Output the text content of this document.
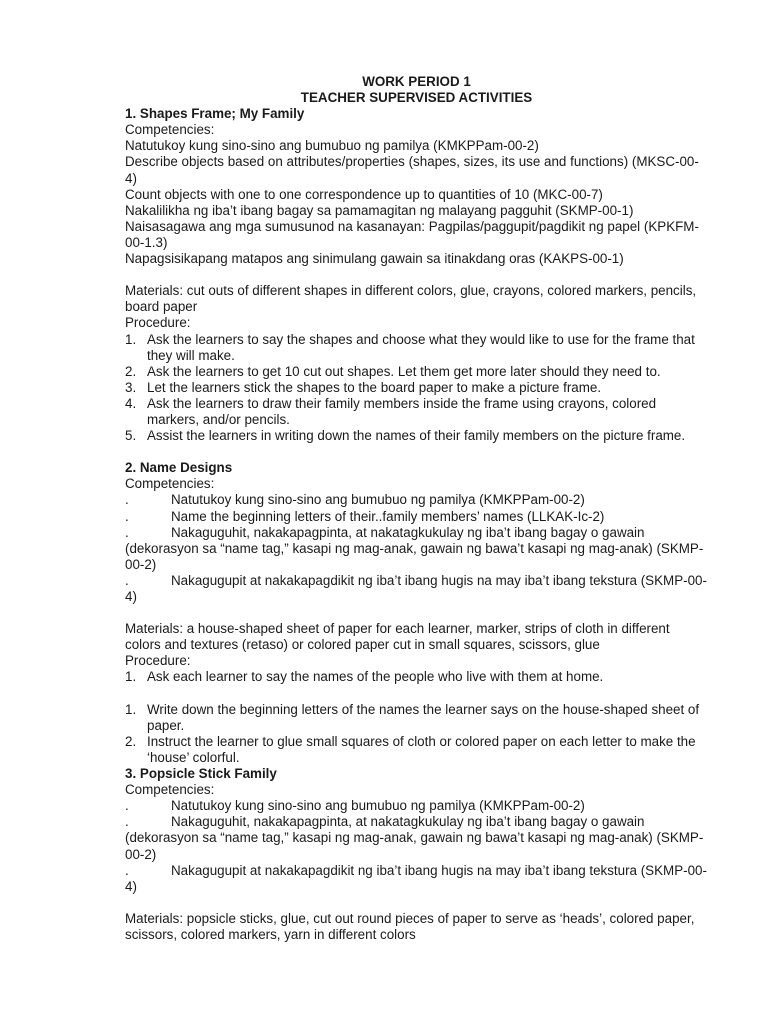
WORK PERIOD 1
TEACHER SUPERVISED ACTIVITIES
1. Shapes Frame; My Family
Competencies:
Natutukoy kung sino-sino ang bumubuo ng pamilya (KMKPPam-00-2)
Describe objects based on attributes/properties (shapes, sizes, its use and functions) (MKSC-00-4)
Count objects with one to one correspondence up to quantities of 10 (MKC-00-7)
Nakalilikha ng iba’t ibang bagay sa pamamagitan ng malayang pagguhit (SKMP-00-1)
Naisasagawa ang mga sumusunod na kasanayan: Pagpilas/paggupit/pagdikit ng papel (KPKFM-00-1.3)
Napagsisikapang matapos ang sinimulang gawain sa itinakdang oras (KAKPS-00-1)
Materials: cut outs of different shapes in different colors, glue, crayons, colored markers, pencils, board paper
Procedure:
1. Ask the learners to say the shapes and choose what they would like to use for the frame that they will make.
2. Ask the learners to get 10 cut out shapes. Let them get more later should they need to.
3. Let the learners stick the shapes to the board paper to make a picture frame.
4. Ask the learners to draw their family members inside the frame using crayons, colored markers, and/or pencils.
5. Assist the learners in writing down the names of their family members on the picture frame.
2. Name Designs
Competencies:
.	Natutukoy kung sino-sino ang bumubuo ng pamilya (KMKPPam-00-2)
.	Name the beginning letters of their..family members’ names (LLKAK-Ic-2)
.	Nakaguguhit, nakakapagpinta, at nakatagkukulay ng iba’t ibang bagay o gawain (dekorasyon sa “name tag,” kasapi ng mag-anak, gawain ng bawa’t kasapi ng mag-anak) (SKMP-00-2)
.	Nakagugupit at nakakapagdikit ng iba’t ibang hugis na may iba’t ibang tekstura (SKMP-00-4)
Materials: a house-shaped sheet of paper for each learner, marker, strips of cloth in different colors and textures (retaso) or colored paper cut in small squares, scissors, glue
Procedure:
1. Ask each learner to say the names of the people who live with them at home.
1. Write down the beginning letters of the names the learner says on the house-shaped sheet of paper.
2. Instruct the learner to glue small squares of cloth or colored paper on each letter to make the ‘house’ colorful.
3. Popsicle Stick Family
Competencies:
.	Natutukoy kung sino-sino ang bumubuo ng pamilya (KMKPPam-00-2)
.	Nakaguguhit, nakakapagpinta, at nakatagkukulay ng iba’t ibang bagay o gawain (dekorasyon sa “name tag,” kasapi ng mag-anak, gawain ng bawa’t kasapi ng mag-anak) (SKMP-00-2)
.	Nakagugupit at nakakapagdikit ng iba’t ibang hugis na may iba’t ibang tekstura (SKMP-00-4)
Materials: popsicle sticks, glue, cut out round pieces of paper to serve as ‘heads’, colored paper, scissors, colored markers, yarn in different colors
